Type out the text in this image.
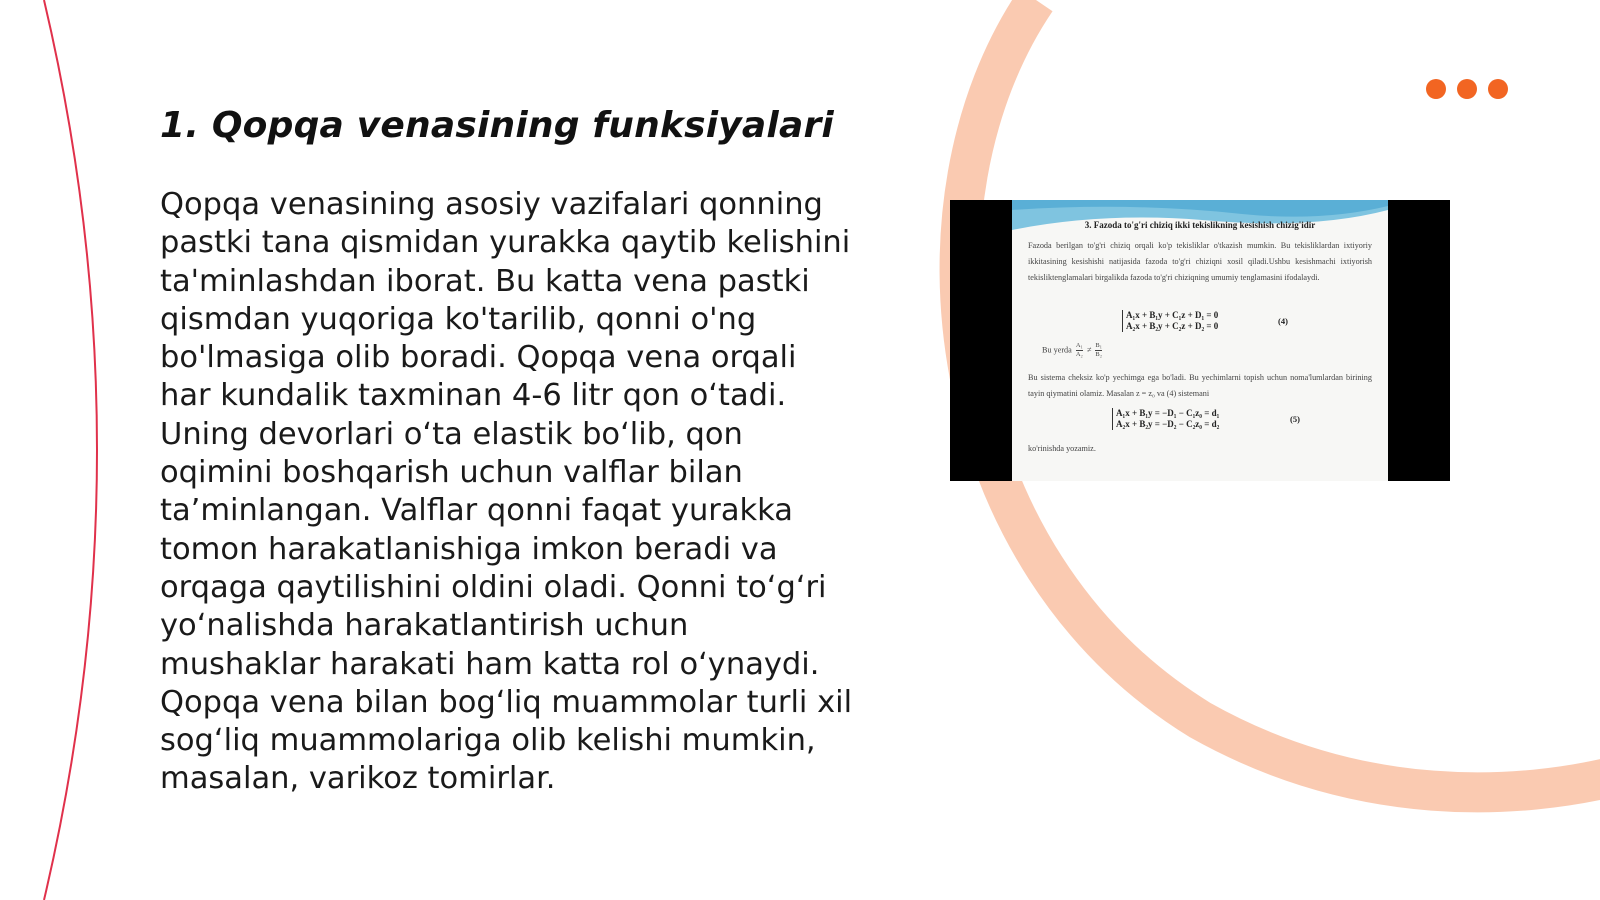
1. Qopqa venasining funksiyalari
Qopqa venasining asosiy vazifalari qonning
pastki tana qismidan yurakka qaytib kelishini
ta'minlashdan iborat. Bu katta vena pastki
qismdan yuqoriga ko'tarilib, qonni o'ng
bo'lmasiga olib boradi. Qopqa vena orqali
har kundalik taxminan 4-6 litr qon o‘tadi.
Uning devorlari o‘ta elastik bo‘lib, qon
oqimini boshqarish uchun valflar bilan
ta’minlangan. Valflar qonni faqat yurakka
tomon harakatlanishiga imkon beradi va
orqaga qaytilishini oldini oladi. Qonni to‘g‘ri
yo‘nalishda harakatlantirish uchun
mushaklar harakati ham katta rol o‘ynaydi.
Qopqa vena bilan bog‘liq muammolar turli xil
sog‘liq muammolariga olib kelishi mumkin,
masalan, varikoz tomirlar.
3. Fazoda to'g'ri chiziq ikki tekislikning kesishish chizig'idir

Fazoda berilgan to'g'ri chiziq orqali ko'p tekisliklar o'tkazish mumkin. Bu tekisliklardan ixtiyoriy ikkitasining kesishishi natijasida fazoda to'g'ri chiziqni xosil qiladi.Ushbu kesishmachi ixtiyorish tekisliktenglamalari birgalikda fazoda to'g'ri chiziqning umumiy tenglamasini ifodalaydi.

A₁x + B₁y + C₁z + D₁ = 0
A₂x + B₂y + C₂z + D₂ = 0	(4)
Bu yerda $\frac{\text{A₁}}{\text{A₂}} \ne \frac{\text{B₁}}{\text{B₂}}$

Bu sistema cheksiz ko'p yechimga ega bo'ladi. Bu yechimlarni topish uchun noma'lumlardan birining tayin qiymatini olamiz. Masalan z = z₀ va (4) sistemani

A₁x + B₁y = −D₁ − C₁z₀ = d₁
A₂x + B₂y = −D₂ − C₂z₀ = d₂	(5)
ko'rinishda yozamiz.
